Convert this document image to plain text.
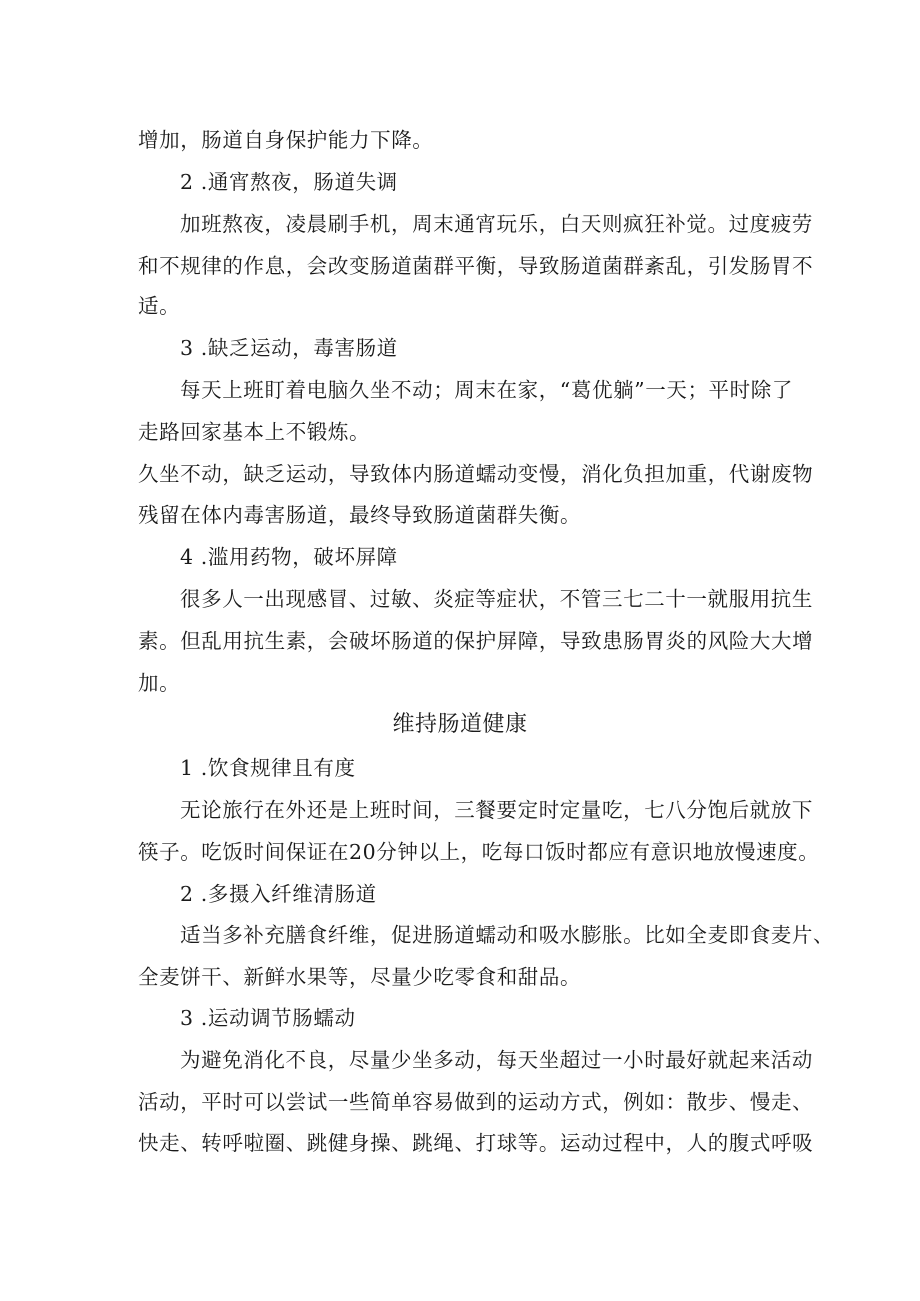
增加，肠道自身保护能力下降。
2 .通宵熬夜，肠道失调
加班熬夜，凌晨刷手机，周末通宵玩乐，白天则疯狂补觉。过度疲劳
和不规律的作息，会改变肠道菌群平衡，导致肠道菌群紊乱，引发肠胃不
适。
3 .缺乏运动，毒害肠道
每天上班盯着电脑久坐不动；周末在家，“葛优躺”一天；平时除了
走路回家基本上不锻炼。
久坐不动，缺乏运动，导致体内肠道蠕动变慢，消化负担加重，代谢废物
残留在体内毒害肠道，最终导致肠道菌群失衡。
4 .滥用药物，破坏屏障
很多人一出现感冒、过敏、炎症等症状，不管三七二十一就服用抗生
素。但乱用抗生素，会破坏肠道的保护屏障，导致患肠胃炎的风险大大增
加。
维持肠道健康
1 .饮食规律且有度
无论旅行在外还是上班时间，三餐要定时定量吃，七八分饱后就放下
筷子。吃饭时间保证在20分钟以上，吃每口饭时都应有意识地放慢速度。
2 .多摄入纤维清肠道
适当多补充膳食纤维，促进肠道蠕动和吸水膨胀。比如全麦即食麦片、
全麦饼干、新鲜水果等，尽量少吃零食和甜品。
3 .运动调节肠蠕动
为避免消化不良，尽量少坐多动，每天坐超过一小时最好就起来活动
活动，平时可以尝试一些简单容易做到的运动方式，例如：散步、慢走、
快走、转呼啦圈、跳健身操、跳绳、打球等。运动过程中，人的腹式呼吸
